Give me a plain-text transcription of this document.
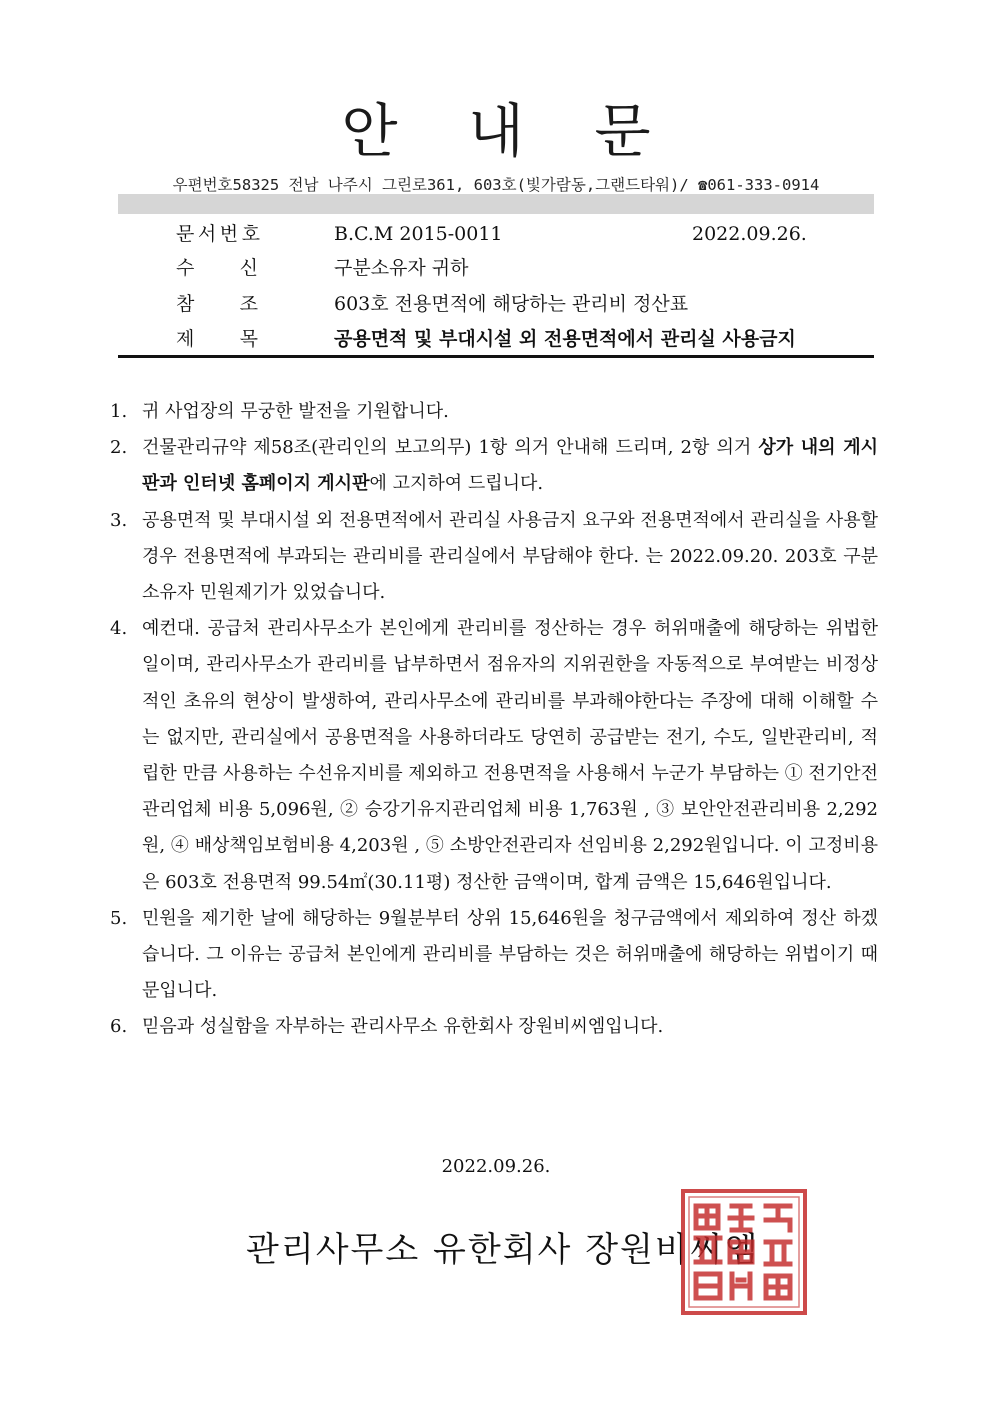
안 내 문
우편번호58325 전남 나주시 그린로361, 603호(빛가람동,그랜드타워)/ ☎061-333-0914
문 서 번 호	B.C.M 2015-0011	2022.09.26.
수 신	구분소유자 귀하
참 조	603호 전용면적에 해당하는 관리비 정산표
제 목	공용면적 및 부대시설 외 전용면적에서 관리실 사용금지
1. 귀 사업장의 무궁한 발전을 기원합니다.
2. 건물관리규약 제58조(관리인의 보고의무) 1항 의거 안내해 드리며, 2항 의거 상가 내의 게시판과 인터넷 홈페이지 게시판에 고지하여 드립니다.
3. 공용면적 및 부대시설 외 전용면적에서 관리실 사용금지 요구와 전용면적에서 관리실을 사용할 경우 전용면적에 부과되는 관리비를 관리실에서 부담해야 한다. 는 2022.09.20. 203호 구분소유자 민원제기가 있었습니다.
4. 예컨대. 공급처 관리사무소가 본인에게 관리비를 정산하는 경우 허위매출에 해당하는 위법한 일이며, 관리사무소가 관리비를 납부하면서 점유자의 지위권한을 자동적으로 부여받는 비정상적인 초유의 현상이 발생하여, 관리사무소에 관리비를 부과해야한다는 주장에 대해 이해할 수는 없지만, 관리실에서 공용면적을 사용하더라도 당연히 공급받는 전기, 수도, 일반관리비, 적립한 만큼 사용하는 수선유지비를 제외하고 전용면적을 사용해서 누군가 부담하는 ① 전기안전관리업체 비용 5,096원, ② 승강기유지관리업체 비용 1,763원 , ③ 보안안전관리비용 2,292원, ④ 배상책임보험비용 4,203원 , ⑤ 소방안전관리자 선임비용 2,292원입니다. 이 고정비용은 603호 전용면적 99.54㎡(30.11평) 정산한 금액이며, 합계 금액은 15,646원입니다.
5. 민원을 제기한 날에 해당하는 9월분부터 상위 15,646원을 청구금액에서 제외하여 정산 하겠습니다. 그 이유는 공급처 본인에게 관리비를 부담하는 것은 허위매출에 해당하는 위법이기 때문입니다.
6. 믿음과 성실함을 자부하는 관리사무소 유한회사 장원비씨엠입니다.
2022.09.26.
관리사무소 유한회사 장원비씨엠
